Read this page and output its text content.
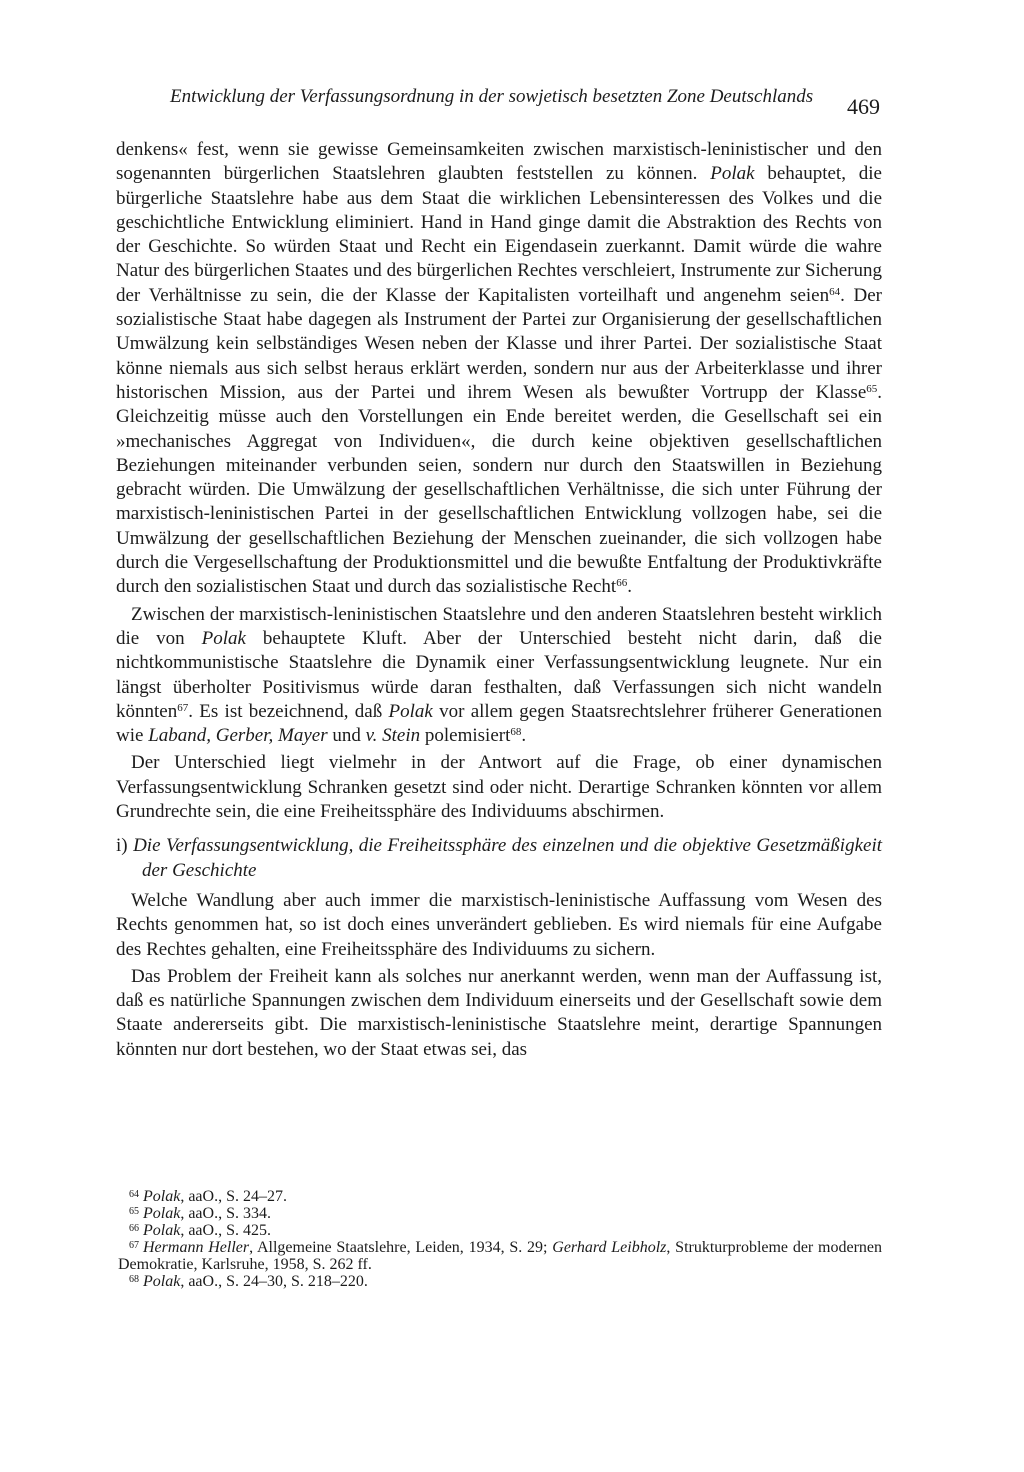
Entwicklung der Verfassungsordnung in der sowjetisch besetzten Zone Deutschlands	469

denkens« fest, wenn sie gewisse Gemeinsamkeiten zwischen marxistisch-leninistischer und den sogenannten bürgerlichen Staatslehren glaubten feststellen zu können. Polak behauptet, die bürgerliche Staatslehre habe aus dem Staat die wirklichen Lebensinteressen des Volkes und die geschichtliche Entwicklung eliminiert. Hand in Hand ginge damit die Abstraktion des Rechts von der Geschichte. So würden Staat und Recht ein Eigendasein zuerkannt. Damit würde die wahre Natur des bürgerlichen Staates und des bürgerlichen Rechtes verschleiert, Instrumente zur Sicherung der Verhältnisse zu sein, die der Klasse der Kapitalisten vorteilhaft und angenehm seien$^{64}$. Der sozialistische Staat habe dagegen als Instrument der Partei zur Organisierung der gesellschaftlichen Umwälzung kein selbständiges Wesen neben der Klasse und ihrer Partei. Der sozialistische Staat könne niemals aus sich selbst heraus erklärt werden, sondern nur aus der Arbeiterklasse und ihrer historischen Mission, aus der Partei und ihrem Wesen als bewußter Vortrupp der Klasse$^{65}$. Gleichzeitig müsse auch den Vorstellungen ein Ende bereitet werden, die Gesellschaft sei ein »mechanisches Aggregat von Individuen«, die durch keine objektiven gesellschaftlichen Beziehungen miteinander verbunden seien, sondern nur durch den Staatswillen in Beziehung gebracht würden. Die Umwälzung der gesellschaftlichen Verhältnisse, die sich unter Führung der marxistisch-leninistischen Partei in der gesellschaftlichen Entwicklung vollzogen habe, sei die Umwälzung der gesellschaftlichen Beziehung der Menschen zueinander, die sich vollzogen habe durch die Vergesellschaftung der Produktionsmittel und die bewußte Entfaltung der Produktivkräfte durch den sozialistischen Staat und durch das sozialistische Recht$^{66}$.

Zwischen der marxistisch-leninistischen Staatslehre und den anderen Staatslehren besteht wirklich die von Polak behauptete Kluft. Aber der Unterschied besteht nicht darin, daß die nichtkommunistische Staatslehre die Dynamik einer Verfassungsentwicklung leugnete. Nur ein längst überholter Positivismus würde daran festhalten, daß Verfassungen sich nicht wandeln könnten$^{67}$. Es ist bezeichnend, daß Polak vor allem gegen Staatsrechtslehrer früherer Generationen wie Laband, Gerber, Mayer und v. Stein polemisiert$^{68}$.

Der Unterschied liegt vielmehr in der Antwort auf die Frage, ob einer dynamischen Verfassungsentwicklung Schranken gesetzt sind oder nicht. Derartige Schranken könnten vor allem Grundrechte sein, die eine Freiheitssphäre des Individuums abschirmen.

i) Die Verfassungsentwicklung, die Freiheitssphäre des einzelnen und die objektive Gesetzmäßigkeit der Geschichte

Welche Wandlung aber auch immer die marxistisch-leninistische Auffassung vom Wesen des Rechts genommen hat, so ist doch eines unverändert geblieben. Es wird niemals für eine Aufgabe des Rechtes gehalten, eine Freiheitssphäre des Individuums zu sichern.

Das Problem der Freiheit kann als solches nur anerkannt werden, wenn man der Auffassung ist, daß es natürliche Spannungen zwischen dem Individuum einerseits und der Gesellschaft sowie dem Staate andererseits gibt. Die marxistisch-leninistische Staatslehre meint, derartige Spannungen könnten nur dort bestehen, wo der Staat etwas sei, das

64 Polak, aaO., S. 24–27.

65 Polak, aaO., S. 334.

66 Polak, aaO., S. 425.

67 Hermann Heller, Allgemeine Staatslehre, Leiden, 1934, S. 29; Gerhard Leibholz, Strukturprobleme der modernen Demokratie, Karlsruhe, 1958, S. 262 ff.

68 Polak, aaO., S. 24–30, S. 218–220.
